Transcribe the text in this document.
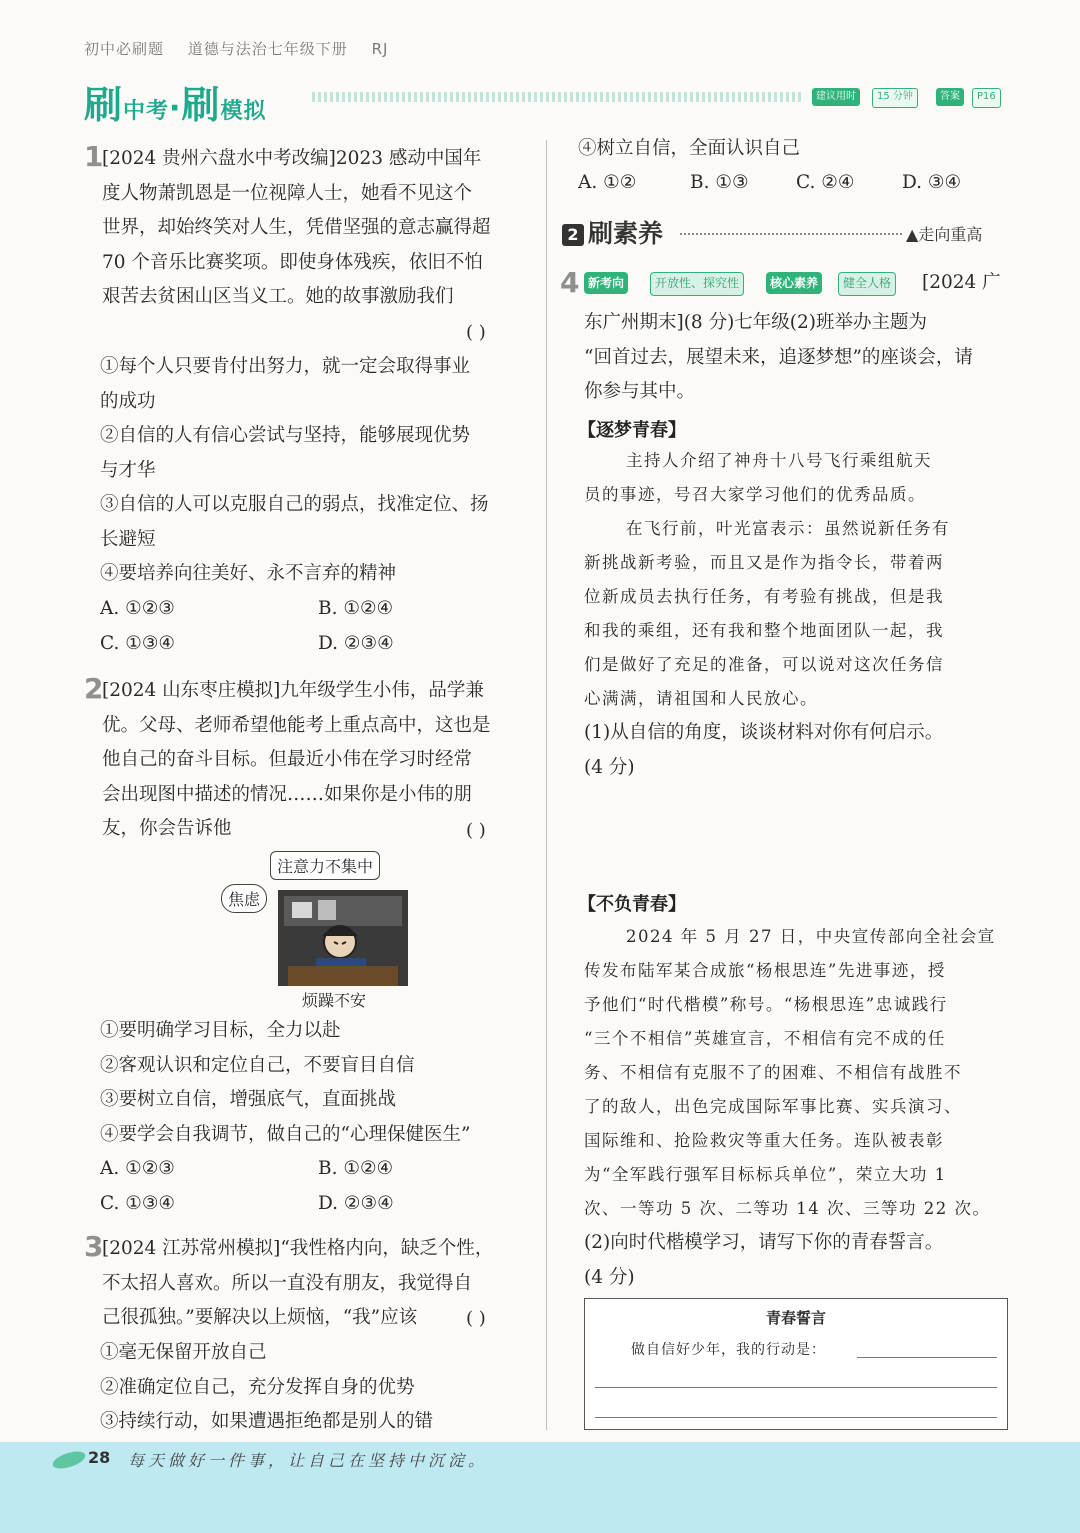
初中必刷题 道德与法治七年级下册 RJ
刷中考·刷模拟
建议用时	15 分钟	答案	P16
1
[2024 贵州六盘水中考改编]2023 感动中国年
度人物萧凯恩是一位视障人士，她看不见这个
世界，却始终笑对人生，凭借坚强的意志赢得超
70 个音乐比赛奖项。即使身体残疾，依旧不怕
艰苦去贫困山区当义工。她的故事激励我们
( )
①每个人只要肯付出努力，就一定会取得事业
的成功
②自信的人有信心尝试与坚持，能够展现优势
与才华
③自信的人可以克服自己的弱点，找准定位、扬
长避短
④要培养向往美好、永不言弃的精神
A. ①②③	B. ①②④
C. ①③④	D. ②③④
2
[2024 山东枣庄模拟]九年级学生小伟，品学兼
优。父母、老师希望他能考上重点高中，这也是
他自己的奋斗目标。但最近小伟在学习时经常
会出现图中描述的情况……如果你是小伟的朋
友，你会告诉他	( )
注意力不集中
焦虑
烦躁不安
①要明确学习目标，全力以赴
②客观认识和定位自己，不要盲目自信
③要树立自信，增强底气，直面挑战
④要学会自我调节，做自己的“心理保健医生”
A. ①②③	B. ①②④
C. ①③④	D. ②③④
3
[2024 江苏常州模拟]“我性格内向，缺乏个性，
不太招人喜欢。所以一直没有朋友，我觉得自
己很孤独。”要解决以上烦恼，“我”应该	( )
①毫无保留开放自己
②准确定位自己，充分发挥自身的优势
③持续行动，如果遭遇拒绝都是别人的错
④树立自信，全面认识自己
A. ①②	B. ①③	C. ②④	D. ③④
2 刷素养	▲走向重高
4 新考向	开放性、探究性	核心素养	健全人格 [2024 广
东广州期末](8 分)七年级(2)班举办主题为
“回首过去，展望未来，追逐梦想”的座谈会，请
你参与其中。
【逐梦青春】
主持人介绍了神舟十八号飞行乘组航天
员的事迹，号召大家学习他们的优秀品质。
在飞行前，叶光富表示：虽然说新任务有
新挑战新考验，而且又是作为指令长，带着两
位新成员去执行任务，有考验有挑战，但是我
和我的乘组，还有我和整个地面团队一起，我
们是做好了充足的准备，可以说对这次任务信
心满满，请祖国和人民放心。
(1)从自信的角度，谈谈材料对你有何启示。
(4 分)
【不负青春】
2024 年 5 月 27 日，中央宣传部向全社会宣
传发布陆军某合成旅“杨根思连”先进事迹，授
予他们“时代楷模”称号。“杨根思连”忠诚践行
“三个不相信”英雄宣言，不相信有完不成的任
务、不相信有克服不了的困难、不相信有战胜不
了的敌人，出色完成国际军事比赛、实兵演习、
国际维和、抢险救灾等重大任务。连队被表彰
为“全军践行强军目标标兵单位”，荣立大功 1
次、一等功 5 次、二等功 14 次、三等功 22 次。
(2)向时代楷模学习，请写下你的青春誓言。
(4 分)
青春誓言
做自信好少年，我的行动是：
28 每天做好一件事，让自己在坚持中沉淀。
